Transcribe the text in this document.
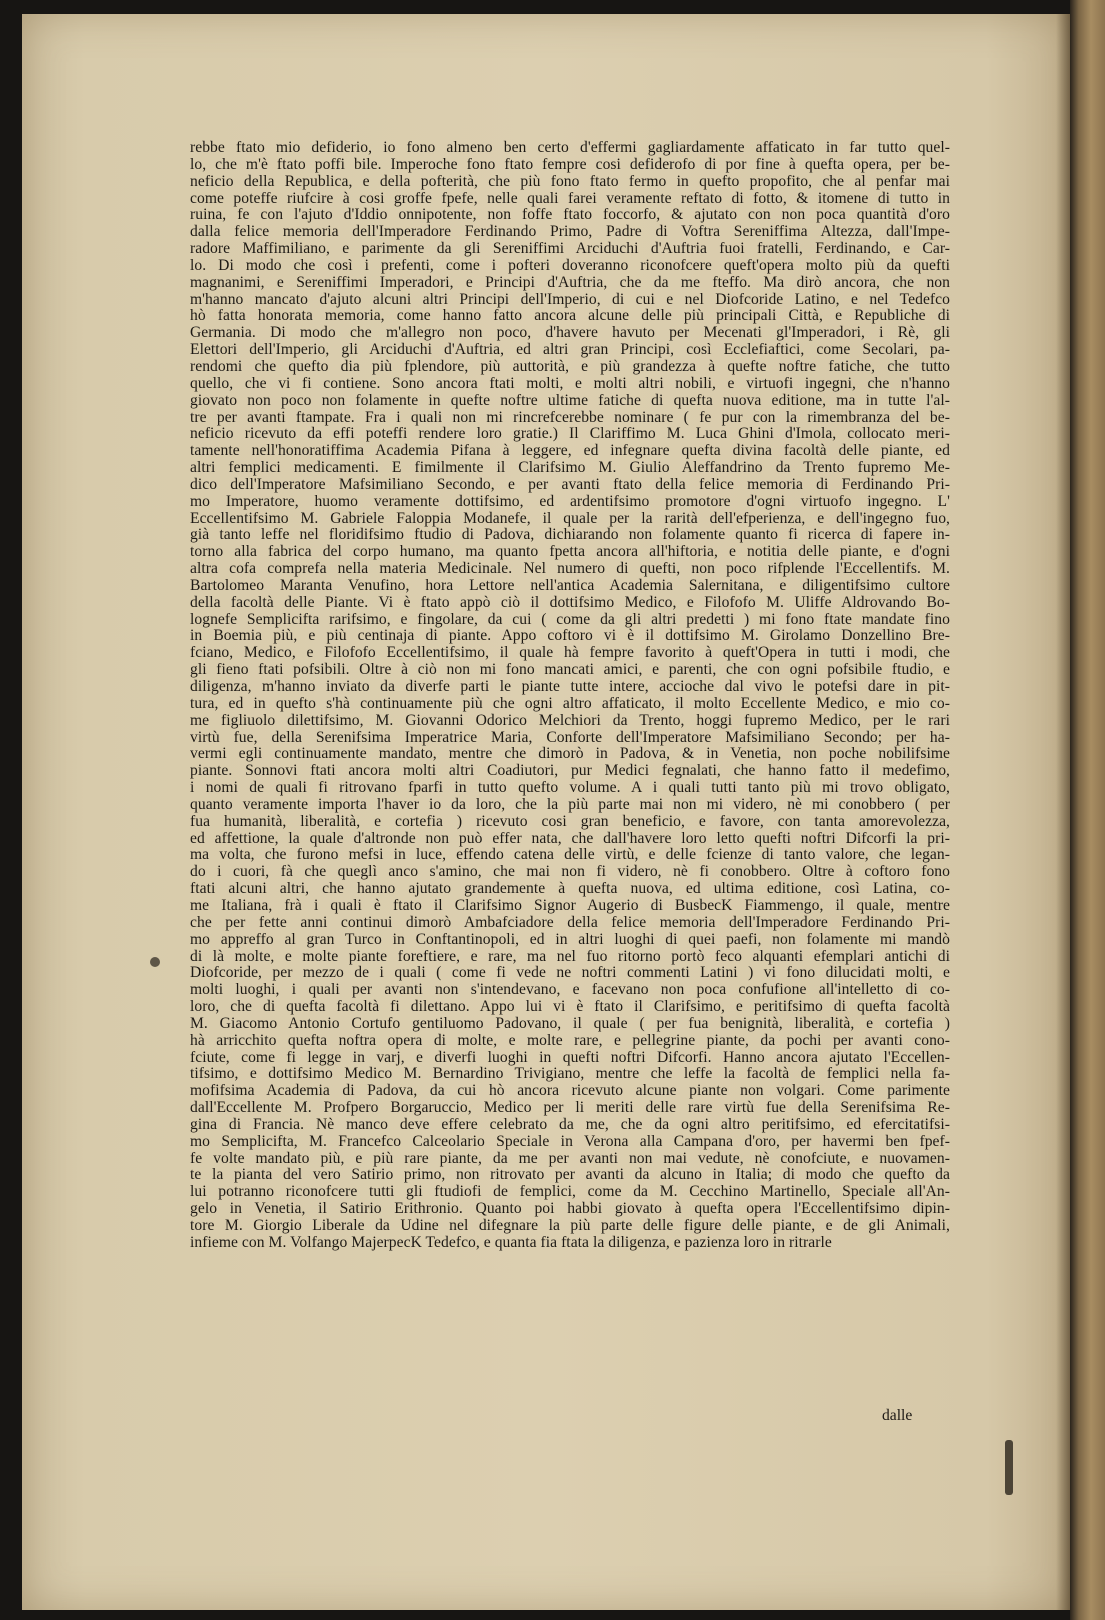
rebbe ftato mio defiderio, io fono almeno ben certo d'effermi gagliardamente affaticato in far tutto quel-
lo, che m'è ftato poffi bile. Imperoche fono ftato fempre cosi defiderofo di por fine à quefta opera, per be-
neficio della Republica, e della pofterità, che più fono ftato fermo in quefto propofito, che al penfar mai
come poteffe riufcire à cosi groffe fpefe, nelle quali farei veramente reftato di fotto, & itomene di tutto in
ruina, fe con l'ajuto d'Iddio onnipotente, non foffe ftato foccorfo, & ajutato con non poca quantità d'oro
dalla felice memoria dell'Imperadore Ferdinando Primo, Padre di Voftra Sereniffima Altezza, dall'Impe-
radore Maffimiliano, e parimente da gli Sereniffimi Arciduchi d'Auftria fuoi fratelli, Ferdinando, e Car-
lo. Di modo che così i prefenti, come i pofteri doveranno riconofcere queft'opera molto più da quefti
magnanimi, e Sereniffimi Imperadori, e Principi d'Auftria, che da me fteffo. Ma dirò ancora, che non
m'hanno mancato d'ajuto alcuni altri Principi dell'Imperio, di cui e nel Diofcoride Latino, e nel Tedefco
hò fatta honorata memoria, come hanno fatto ancora alcune delle più principali Città, e Republiche di
Germania. Di modo che m'allegro non poco, d'havere havuto per Mecenati gl'Imperadori, i Rè, gli
Elettori dell'Imperio, gli Arciduchi d'Auftria, ed altri gran Principi, così Ecclefiaftici, come Secolari, pa-
rendomi che quefto dia più fplendore, più auttorità, e più grandezza à quefte noftre fatiche, che tutto
quello, che vi fi contiene. Sono ancora ftati molti, e molti altri nobili, e virtuofi ingegni, che n'hanno
giovato non poco non folamente in quefte noftre ultime fatiche di quefta nuova editione, ma in tutte l'al-
tre per avanti ftampate. Fra i quali non mi rincrefcerebbe nominare ( fe pur con la rimembranza del be-
neficio ricevuto da effi poteffi rendere loro gratie.) Il Clariffimo M. Luca Ghini d'Imola, collocato meri-
tamente nell'honoratiffima Academia Pifana à leggere, ed infegnare quefta divina facoltà delle piante, ed
altri femplici medicamenti. E fimilmente il Clarifsimo M. Giulio Aleffandrino da Trento fupremo Me-
dico dell'Imperatore Mafsimiliano Secondo, e per avanti ftato della felice memoria di Ferdinando Pri-
mo Imperatore, huomo veramente dottifsimo, ed ardentifsimo promotore d'ogni virtuofo ingegno. L'
Eccellentifsimo M. Gabriele Faloppia Modanefe, il quale per la rarità dell'efperienza, e dell'ingegno fuo,
già tanto leffe nel floridifsimo ftudio di Padova, dichiarando non folamente quanto fi ricerca di fapere in-
torno alla fabrica del corpo humano, ma quanto fpetta ancora all'hiftoria, e notitia delle piante, e d'ogni
altra cofa comprefa nella materia Medicinale. Nel numero di quefti, non poco rifplende l'Eccellentifs. M.
Bartolomeo Maranta Venufino, hora Lettore nell'antica Academia Salernitana, e diligentifsimo cultore
della facoltà delle Piante. Vi è ftato appò ciò il dottifsimo Medico, e Filofofo M. Uliffe Aldrovando Bo-
lognefe Semplicifta rarifsimo, e fingolare, da cui ( come da gli altri predetti ) mi fono ftate mandate fino
in Boemia più, e più centinaja di piante. Appo coftoro vi è il dottifsimo M. Girolamo Donzellino Bre-
fciano, Medico, e Filofofo Eccellentifsimo, il quale hà fempre favorito à queft'Opera in tutti i modi, che
gli fieno ftati pofsibili. Oltre à ciò non mi fono mancati amici, e parenti, che con ogni pofsibile ftudio, e
diligenza, m'hanno inviato da diverfe parti le piante tutte intere, accioche dal vivo le potefsi dare in pit-
tura, ed in quefto s'hà continuamente più che ogni altro affaticato, il molto Eccellente Medico, e mio co-
me figliuolo dilettifsimo, M. Giovanni Odorico Melchiori da Trento, hoggi fupremo Medico, per le rari
virtù fue, della Serenifsima Imperatrice Maria, Conforte dell'Imperatore Mafsimiliano Secondo; per ha-
vermi egli continuamente mandato, mentre che dimorò in Padova, & in Venetia, non poche nobilifsime
piante. Sonnovi ftati ancora molti altri Coadiutori, pur Medici fegnalati, che hanno fatto il medefimo,
i nomi de quali fi ritrovano fparfi in tutto quefto volume. A i quali tutti tanto più mi trovo obligato,
quanto veramente importa l'haver io da loro, che la più parte mai non mi videro, nè mi conobbero ( per
fua humanità, liberalità, e cortefia ) ricevuto cosi gran beneficio, e favore, con tanta amorevolezza,
ed affettione, la quale d'altronde non può effer nata, che dall'havere loro letto quefti noftri Difcorfi la pri-
ma volta, che furono mefsi in luce, effendo catena delle virtù, e delle fcienze di tanto valore, che legan-
do i cuori, fà che queglì anco s'amino, che mai non fi videro, nè fi conobbero. Oltre à coftoro fono
ftati alcuni altri, che hanno ajutato grandemente à quefta nuova, ed ultima editione, così Latina, co-
me Italiana, frà i quali è ftato il Clarifsimo Signor Augerio di BusbecK Fiammengo, il quale, mentre
che per fette anni continui dimorò Ambafciadore della felice memoria dell'Imperadore Ferdinando Pri-
mo appreffo al gran Turco in Conftantinopoli, ed in altri luoghi di quei paefi, non folamente mi mandò
di là molte, e molte piante foreftiere, e rare, ma nel fuo ritorno portò feco alquanti efemplari antichi di
Diofcoride, per mezzo de i quali ( come fi vede ne noftri commenti Latini ) vi fono dilucidati molti, e
molti luoghi, i quali per avanti non s'intendevano, e facevano non poca confufione all'intelletto di co-
loro, che di quefta facoltà fi dilettano. Appo lui vi è ftato il Clarifsimo, e peritifsimo di quefta facoltà
M. Giacomo Antonio Cortufo gentiluomo Padovano, il quale ( per fua benignità, liberalità, e cortefia )
hà arricchito quefta noftra opera di molte, e molte rare, e pellegrine piante, da pochi per avanti cono-
fciute, come fi legge in varj, e diverfi luoghi in quefti noftri Difcorfi. Hanno ancora ajutato l'Eccellen-
tifsimo, e dottifsimo Medico M. Bernardino Trivigiano, mentre che leffe la facoltà de femplici nella fa-
mofifsima Academia di Padova, da cui hò ancora ricevuto alcune piante non volgari. Come parimente
dall'Eccellente M. Profpero Borgaruccio, Medico per li meriti delle rare virtù fue della Serenifsima Re-
gina di Francia. Nè manco deve effere celebrato da me, che da ogni altro peritifsimo, ed efercitatifsi-
mo Semplicifta, M. Francefco Calceolario Speciale in Verona alla Campana d'oro, per havermi ben fpef-
fe volte mandato più, e più rare piante, da me per avanti non mai vedute, nè conofciute, e nuovamen-
te la pianta del vero Satirio primo, non ritrovato per avanti da alcuno in Italia; di modo che quefto da
lui potranno riconofcere tutti gli ftudiofi de femplici, come da M. Cecchino Martinello, Speciale all'An-
gelo in Venetia, il Satirio Erithronio. Quanto poi habbi giovato à quefta opera l'Eccellentifsimo dipin-
tore M. Giorgio Liberale da Udine nel difegnare la più parte delle figure delle piante, e de gli Animali,
infieme con M. Volfango MajerpecK Tedefco, e quanta fia ftata la diligenza, e pazienza loro in ritrarle
dalle
